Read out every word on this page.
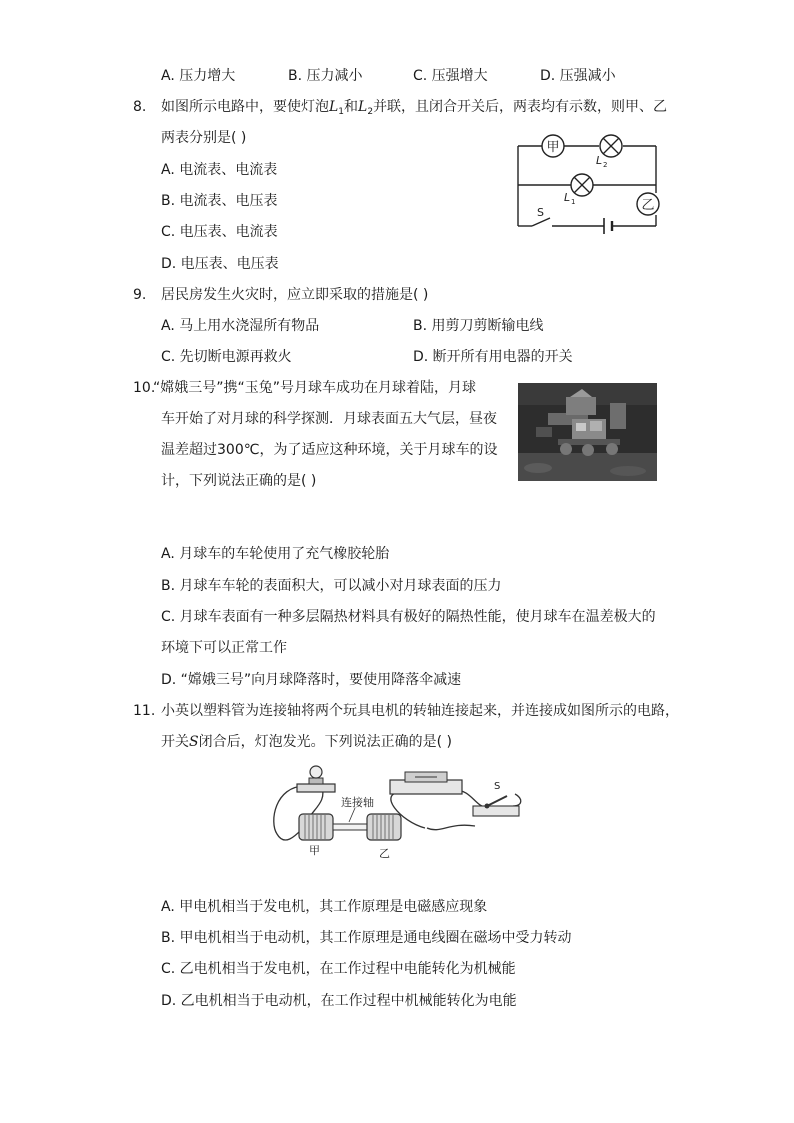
A. 压力增大	B. 压力减小	C. 压强增大	D. 压强减小
8. 如图所示电路中，要使灯泡$L_1$和$L_2$并联，且闭合开关后，两表均有示数，则甲、乙
两表分别是( )
A. 电流表、电流表
B. 电流表、电压表
C. 电压表、电流表
D. 电压表、电压表
甲
L 2
L 1	乙
S
9. 居民房发生火灾时，应立即采取的措施是( )
A. 马上用水浇湿所有物品	B. 用剪刀剪断输电线
C. 先切断电源再救火	D. 断开所有用电器的开关
10.
“嫦娥三号”携“玉兔”号月球车成功在月球着陆，月球
车开始了对月球的科学探测．月球表面五大气层，昼夜
温差超过300℃，为了适应这种环境，关于月球车的设
计，下列说法正确的是( )
A. 月球车的车轮使用了充气橡胶轮胎
B. 月球车车轮的表面积大，可以减小对月球表面的压力
C. 月球车表面有一种多层隔热材料具有极好的隔热性能，使月球车在温差极大的
环境下可以正常工作
D. “嫦娥三号”向月球降落时，要使用降落伞减速
11. 小英以塑料管为连接轴将两个玩具电机的转轴连接起来，并连接成如图所示的电路，
开关S闭合后，灯泡发光。下列说法正确的是( )
S
连接轴
甲	乙
A. 甲电机相当于发电机，其工作原理是电磁感应现象
B. 甲电机相当于电动机，其工作原理是通电线圈在磁场中受力转动
C. 乙电机相当于发电机，在工作过程中电能转化为机械能
D. 乙电机相当于电动机，在工作过程中机械能转化为电能
